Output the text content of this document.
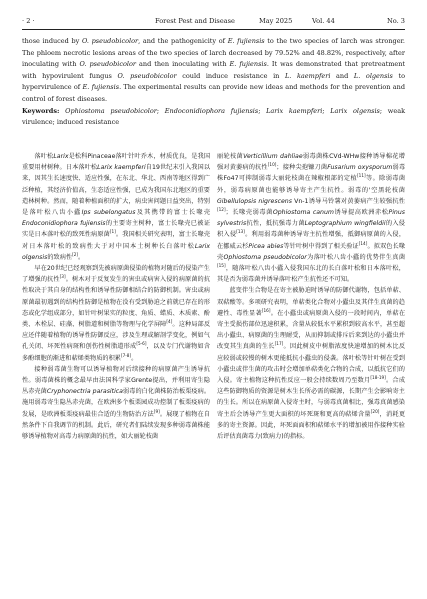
· 2 ·	Forest Pest and Disease	May 2025	Vol. 44	No. 3

those induced by O. pseudobicolor, and the pathogenicity of E. fujiensis to the two species of larch was stronger. The phloem necrotic lesions areas of the two species of larch decreased by 79.52% and 48.82%, respectively, after inoculating with O. pseudobicolor and then inoculating with E. fujiensis. It was demonstrated that pretreatment with hypovirulent fungus O. pseudobicolor could induce resistance in L. kaempferi and L. olgensis to hypervirulence of E. fujiensis. The experimental results can provide new ideas and methods for the prevention and control of forest diseases.

Keywords: Ophiostoma pseudobicolor; Endoconidiophora fujiensis; Larix kaempferi; Larix olgensis; weak virulence; induced resistance

落叶松Larix是松科Pinaceae落叶针叶乔木，材质优良，是我国重要用材树种。日本落叶松Larix kaempferi自19世纪末引入我国以来，因其生长速度快、适应性强，在东北、华北、西南等地区得到广泛种植，其经济价值高，生态适应性强，已成为我国东北地区的重要造林树种。然而，随着种植面积的扩大，病虫害问题日益突出，特别是落叶松八齿小蠹Ips subelongatus及其携带的富士长喙壳Endoconidiophora fujiensis的主要寄主树种，富士长喙壳已被证实是日本落叶松的致死性病原菌[1]。我国相关研究表明，富士长喙壳对日本落叶松的致病性大于对中国本土树种长白落叶松Larix olgensis的致病性[2]。

早在20世纪已经观察到先被病原菌侵染的植物对随后的侵染产生了增强的抗性[3]。树木对于反复发生的害虫或病害入侵的病原菌的抗性取决于其自身的结构性和诱导性防御相结合的防御机制。害虫或病原菌最初遇到的结构性防御是植物在没有受到胁迫之前就已存在的形态或化学组成部分，如针叶树果实的粒度、角质、蜡质、木质素、酚类、木栓层、硅藻、树脂道和树脂等物理与化学屏障[4]。这种局部反应还伴随着植物的诱导性防御反应，涉及生理或解剖学变化，例如气孔关闭、坏死性病斑和创伤性树脂道形成[5-6]，以及专门代谢物如含多酚细胞的渐进和萜烯类物质的积累[7-8]。

接种弱毒菌生物可以诱导植物对后续接种的病原菌产生诱导抗性。弱毒菌株的概念最早由法国科学家Grente提出，并利用寄生隐丛赤壳菌Cryphonectria parasitica弱毒的白化菌株防治板栗疫病。施用弱毒寄生隐丛赤壳菌，在欧洲多个板栗园成功控制了板栗疫病的发展，是欧洲板栗疫病最佳合适的生物防治方法[9]。展现了植物在自然条件下自我调节的机制。此后，研究者们陆续发现多种弱毒菌株能够诱导植物对高毒力病原菌的抗性，如大丽轮枝菌

丽轮枝菌Verticillium dahliae弱毒菌株CVd-WHw接种诱导棉花增强对黄萎病的抗性[10]；接种尖孢镰刀菌Fusarium oxysporum弱毒株Fo47可抑制弱毒大丽轮枝菌在辣椒根部的定植[11]等。除弱毒菌外，弱毒病原菌也能够诱导寄主产生抗性。弱毒的'空黑轮枝菌Gibellulopsis nigrescens Vn-1诱导马铃薯对黄萎病产生较强抗性[12]；长喙壳弱毒菌Ophiostoma canum诱导提高欧洲赤松Pinus sylvestris抗性，抵抗强毒力菌Leptographium wingfieldii的入侵积入侵[13]。利用弱毒菌种诱导寄主抗性增强，抵御病原菌的入侵，在挪威云杉Picea abies等针叶树中得到了相关验证[14]。拟双色长喙壳Ophiostoma pseudobicolor为落叶松八齿小蠹的优势伴生真菌[15]，随落叶松八齿小蠹入侵我国东北的长白落叶松和日本落叶松，其是否为弱毒菌并诱导落叶松产生抗性还不可知。

蓝变伴生合物是在寄主被胁迫时诱导的防御代谢物，包括单萜、双萜酸等。多项研究表明，单萜类化合物对小蠹虫及其伴生真菌的趋避性、毒性显著[16]。在小蠹虫或病原菌入侵的一段时间内，单萜在寄主受损伤部位迅速积累，含量从较低水平累积到较高水平，甚至超出小蠹虫、病原菌的生理耐受，从而抑制或排斥后来到达的小蠹虫并改变其生真菌的生长[17]。因此树皮中树脂浓度快速增加的树木比反应较弱或较慢的树木更能抵抗小蠹虫的侵袭。落叶松等针叶树在受到小蠹虫或伴生菌的攻击时会增加单萜类化合物的合成，以抵抗它们的入侵。寄主植物这种抗性反应一般会持续数周乃至数月[18-19]。合成这些防御物质的资源是树木生长所必需的碳源，长期产生会影响寄主的生长。所以在病原菌入侵寄主时，与弱毒真菌相比，强毒真菌感染寄主后会诱导产生更大面积的坏死斑和更高的萜烯含量[20]，消耗更多的寄主资源。因此，坏死面面积和萜烯水平的增加被用作接种实验后评估真菌毒力(致病力)的指标。
